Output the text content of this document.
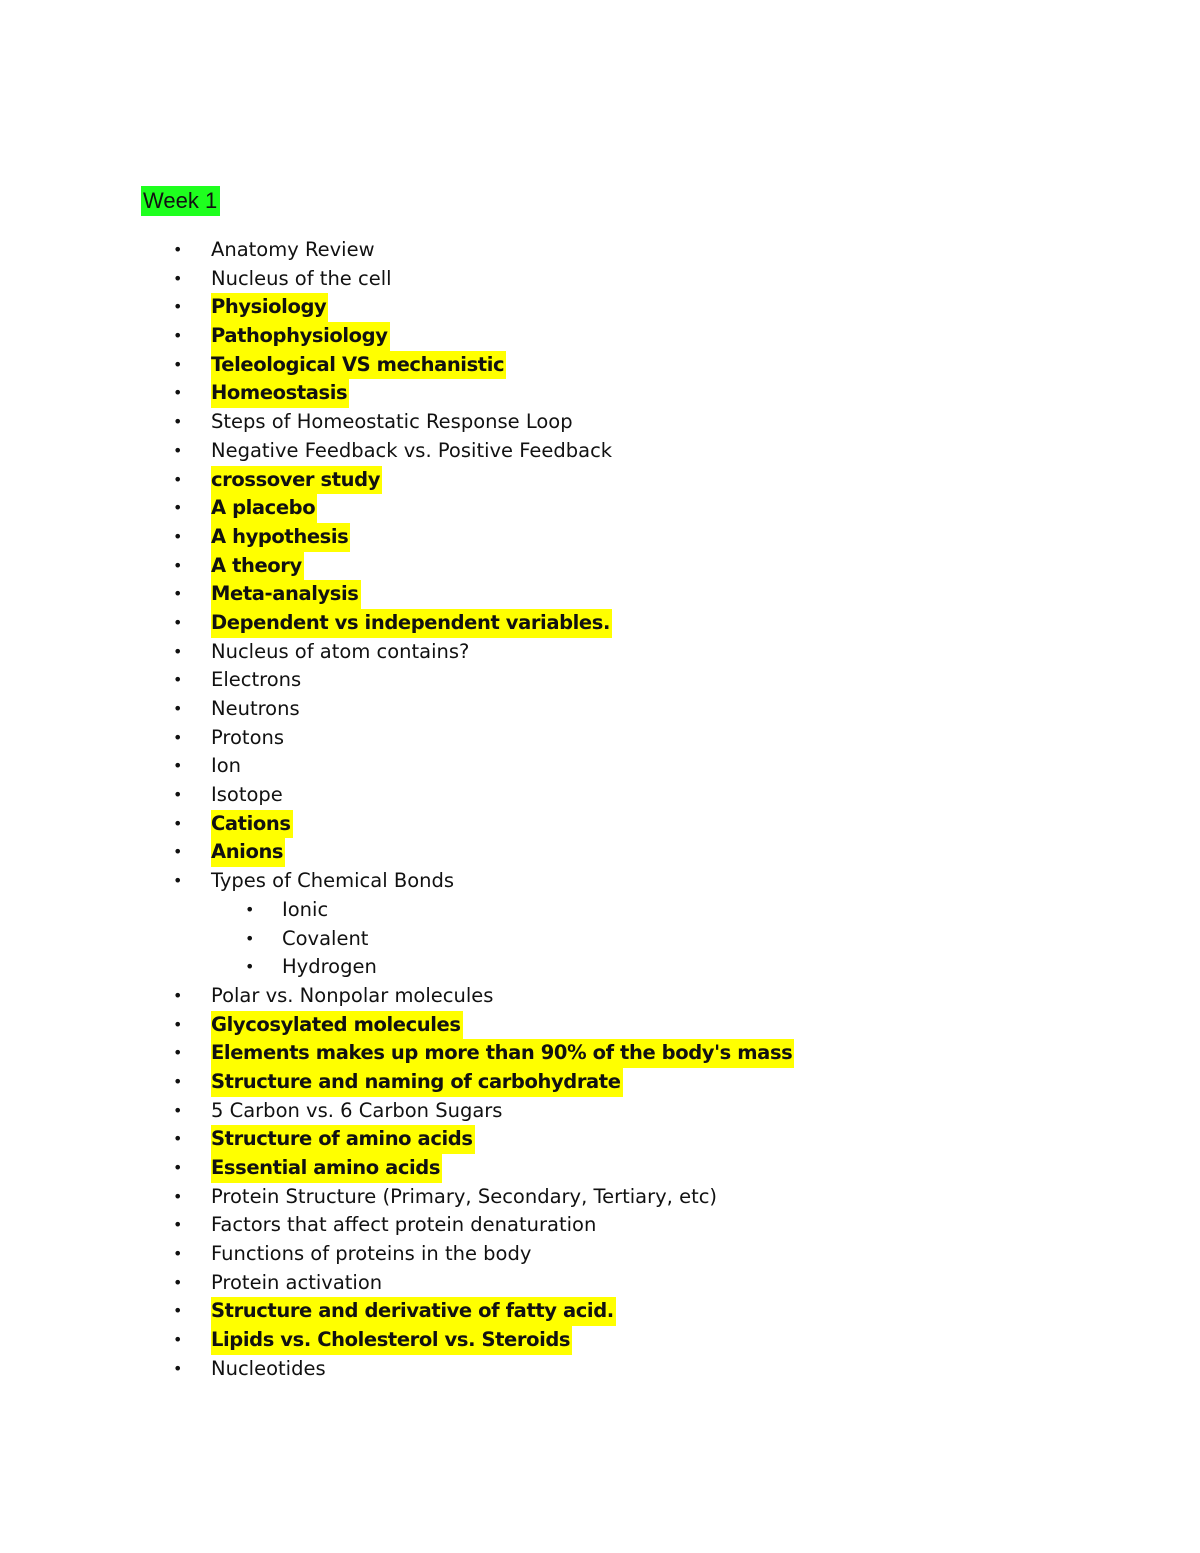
Week 1
• Anatomy Review
• Nucleus of the cell
• Physiology
• Pathophysiology
• Teleological VS mechanistic
• Homeostasis
• Steps of Homeostatic Response Loop
• Negative Feedback vs. Positive Feedback
• crossover study
• A placebo
• A hypothesis
• A theory
• Meta-analysis
• Dependent vs independent variables.
• Nucleus of atom contains?
• Electrons
• Neutrons
• Protons
• Ion
• Isotope
• Cations
• Anions
• Types of Chemical Bonds
• Ionic
• Covalent
• Hydrogen
• Polar vs. Nonpolar molecules
• Glycosylated molecules
• Elements makes up more than 90% of the body's mass
• Structure and naming of carbohydrate
• 5 Carbon vs. 6 Carbon Sugars
• Structure of amino acids
• Essential amino acids
• Protein Structure (Primary, Secondary, Tertiary, etc)
• Factors that affect protein denaturation
• Functions of proteins in the body
• Protein activation
• Structure and derivative of fatty acid.
• Lipids vs. Cholesterol vs. Steroids
• Nucleotides
